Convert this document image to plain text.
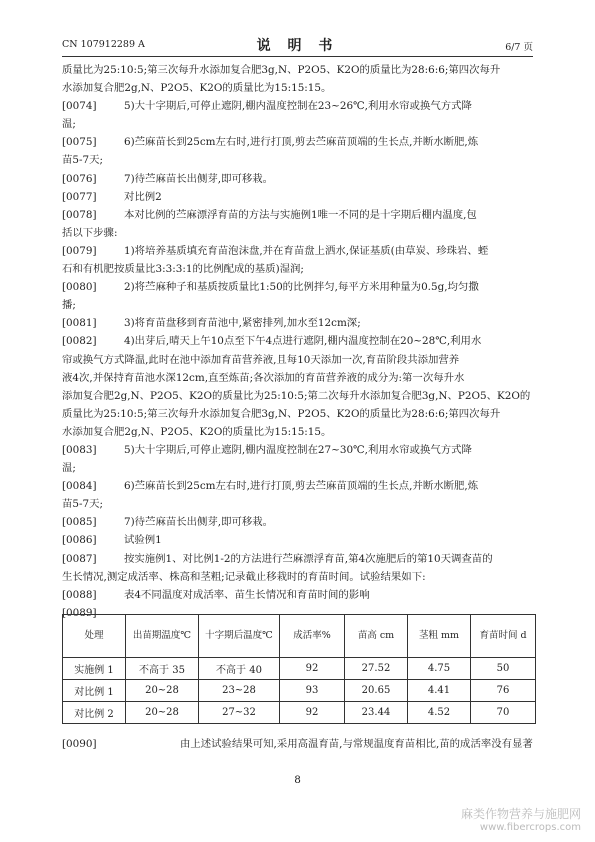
CN 107912289 A	说 明 书	6/7 页
质量比为25:10:5;第三次每升水添加复合肥3g,N、P2O5、K2O的质量比为28:6:6;第四次每升
水添加复合肥2g,N、P2O5、K2O的质量比为15:15:15。
[0074]	5)大十字期后,可停止遮阴,棚内温度控制在23~26℃,利用水帘或换气方式降
温;
[0075]	6)苎麻苗长到25cm左右时,进行打顶,剪去苎麻苗顶端的生长点,并断水断肥,炼
苗5-7天;
[0076]	7)待苎麻苗长出侧芽,即可移栽。
[0077]	对比例2
[0078]	本对比例的苎麻漂浮育苗的方法与实施例1唯一不同的是十字期后棚内温度,包
括以下步骤:
[0079]	1)将培养基质填充育苗泡沫盘,并在育苗盘上洒水,保证基质(由草炭、珍珠岩、蛭
石和有机肥按质量比3:3:3:1的比例配成的基质)湿润;
[0080]	2)将苎麻种子和基质按质量比1:50的比例拌匀,每平方米用种量为0.5g,均匀撒
播;
[0081]	3)将育苗盘移到育苗池中,紧密排列,加水至12cm深;
[0082]	4)出芽后,晴天上午10点至下午4点进行遮阴,棚内温度控制在20~28℃,利用水
帘或换气方式降温,此时在池中添加育苗营养液,且每10天添加一次,育苗阶段共添加营养
液4次,并保持育苗池水深12cm,直至炼苗;各次添加的育苗营养液的成分为:第一次每升水
添加复合肥2g,N、P2O5、K2O的质量比为25:10:5;第二次每升水添加复合肥3g,N、P2O5、K2O的
质量比为25:10:5;第三次每升水添加复合肥3g,N、P2O5、K2O的质量比为28:6:6;第四次每升
水添加复合肥2g,N、P2O5、K2O的质量比为15:15:15。
[0083]	5)大十字期后,可停止遮阴,棚内温度控制在27~30℃,利用水帘或换气方式降
温;
[0084]	6)苎麻苗长到25cm左右时,进行打顶,剪去苎麻苗顶端的生长点,并断水断肥,炼
苗5-7天;
[0085]	7)待苎麻苗长出侧芽,即可移栽。
[0086]	试验例1
[0087]	按实施例1、对比例1-2的方法进行苎麻漂浮育苗,第4次施肥后的第10天调查苗的
生长情况,测定成活率、株高和茎粗;记录截止移栽时的育苗时间。试验结果如下:
[0088]	表4不同温度对成活率、苗生长情况和育苗时间的影响
[0089]
处理	出苗期温度℃	十字期后温度℃	成活率%	苗高 cm	茎粗 mm	育苗时间 d
实施例 1	不高于 35	不高于 40	92	27.52	4.75	50
对比例 1	20~28	23~28	93	20.65	4.41	76
对比例 2	20~28	27~32	92	23.44	4.52	70
[0090]	由上述试验结果可知,采用高温育苗,与常规温度育苗相比,苗的成活率没有显著
8
麻类作物营养与施肥网
www.fibercrops.com
